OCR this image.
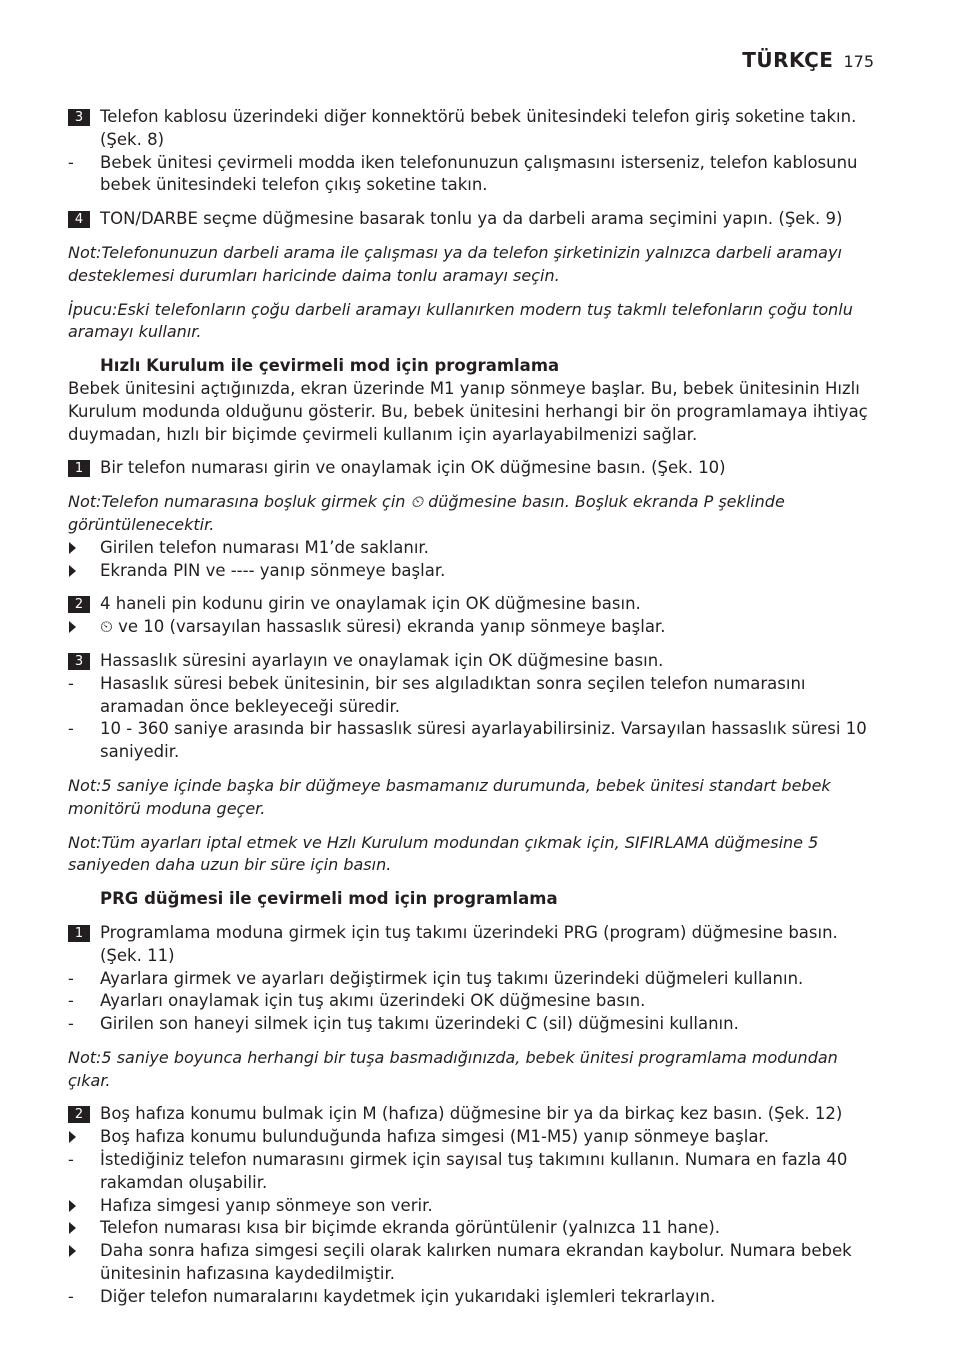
TÜRKÇE 175
3	Telefon kablosu üzerindeki diğer konnektörü bebek ünitesindeki telefon giriş soketine takın. (Şek. 8)
-	Bebek ünitesi çevirmeli modda iken telefonunuzun çalışmasını isterseniz, telefon kablosunu bebek ünitesindeki telefon çıkış soketine takın.
4	TON/DARBE seçme düğmesine basarak tonlu ya da darbeli arama seçimini yapın. (Şek. 9)
Not:Telefonunuzun darbeli arama ile çalışması ya da telefon şirketinizin yalnızca darbeli aramayı desteklemesi durumları haricinde daima tonlu aramayı seçin.
İpucu:Eski telefonların çoğu darbeli aramayı kullanırken modern tuş takmlı telefonların çoğu tonlu aramayı kullanır.
Hızlı Kurulum ile çevirmeli mod için programlama
Bebek ünitesini açtığınızda, ekran üzerinde M1 yanıp sönmeye başlar. Bu, bebek ünitesinin Hızlı Kurulum modunda olduğunu gösterir. Bu, bebek ünitesini herhangi bir ön programlamaya ihtiyaç duymadan, hızlı bir biçimde çevirmeli kullanım için ayarlayabilmenizi sağlar.
1	Bir telefon numarası girin ve onaylamak için OK düğmesine basın. (Şek. 10)
Not:Telefon numarasına boşluk girmek çin ⏲ düğmesine basın. Boşluk ekranda P şeklinde görüntülenecektir.
Girilen telefon numarası M1’de saklanır.
Ekranda PIN ve ---- yanıp sönmeye başlar.
2	4 haneli pin kodunu girin ve onaylamak için OK düğmesine basın.
⏲ ve 10 (varsayılan hassaslık süresi) ekranda yanıp sönmeye başlar.
3	Hassaslık süresini ayarlayın ve onaylamak için OK düğmesine basın.
-	Hasaslık süresi bebek ünitesinin, bir ses algıladıktan sonra seçilen telefon numarasını aramadan önce bekleyeceği süredir.
-	10 - 360 saniye arasında bir hassaslık süresi ayarlayabilirsiniz. Varsayılan hassaslık süresi 10 saniyedir.
Not:5 saniye içinde başka bir düğmeye basmamanız durumunda, bebek ünitesi standart bebek monitörü moduna geçer.
Not:Tüm ayarları iptal etmek ve Hzlı Kurulum modundan çıkmak için, SIFIRLAMA düğmesine 5 saniyeden daha uzun bir süre için basın.
PRG düğmesi ile çevirmeli mod için programlama
1	Programlama moduna girmek için tuş takımı üzerindeki PRG (program) düğmesine basın. (Şek. 11)
-	Ayarlara girmek ve ayarları değiştirmek için tuş takımı üzerindeki düğmeleri kullanın.
-	Ayarları onaylamak için tuş akımı üzerindeki OK düğmesine basın.
-	Girilen son haneyi silmek için tuş takımı üzerindeki C (sil) düğmesini kullanın.
Not:5 saniye boyunca herhangi bir tuşa basmadığınızda, bebek ünitesi programlama modundan çıkar.
2	Boş hafıza konumu bulmak için M (hafıza) düğmesine bir ya da birkaç kez basın. (Şek. 12)
Boş hafıza konumu bulunduğunda hafıza simgesi (M1-M5) yanıp sönmeye başlar.
-	İstediğiniz telefon numarasını girmek için sayısal tuş takımını kullanın. Numara en fazla 40 rakamdan oluşabilir.
Hafıza simgesi yanıp sönmeye son verir.
Telefon numarası kısa bir biçimde ekranda görüntülenir (yalnızca 11 hane).
Daha sonra hafıza simgesi seçili olarak kalırken numara ekrandan kaybolur. Numara bebek ünitesinin hafızasına kaydedilmiştir.
-	Diğer telefon numaralarını kaydetmek için yukarıdaki işlemleri tekrarlayın.
